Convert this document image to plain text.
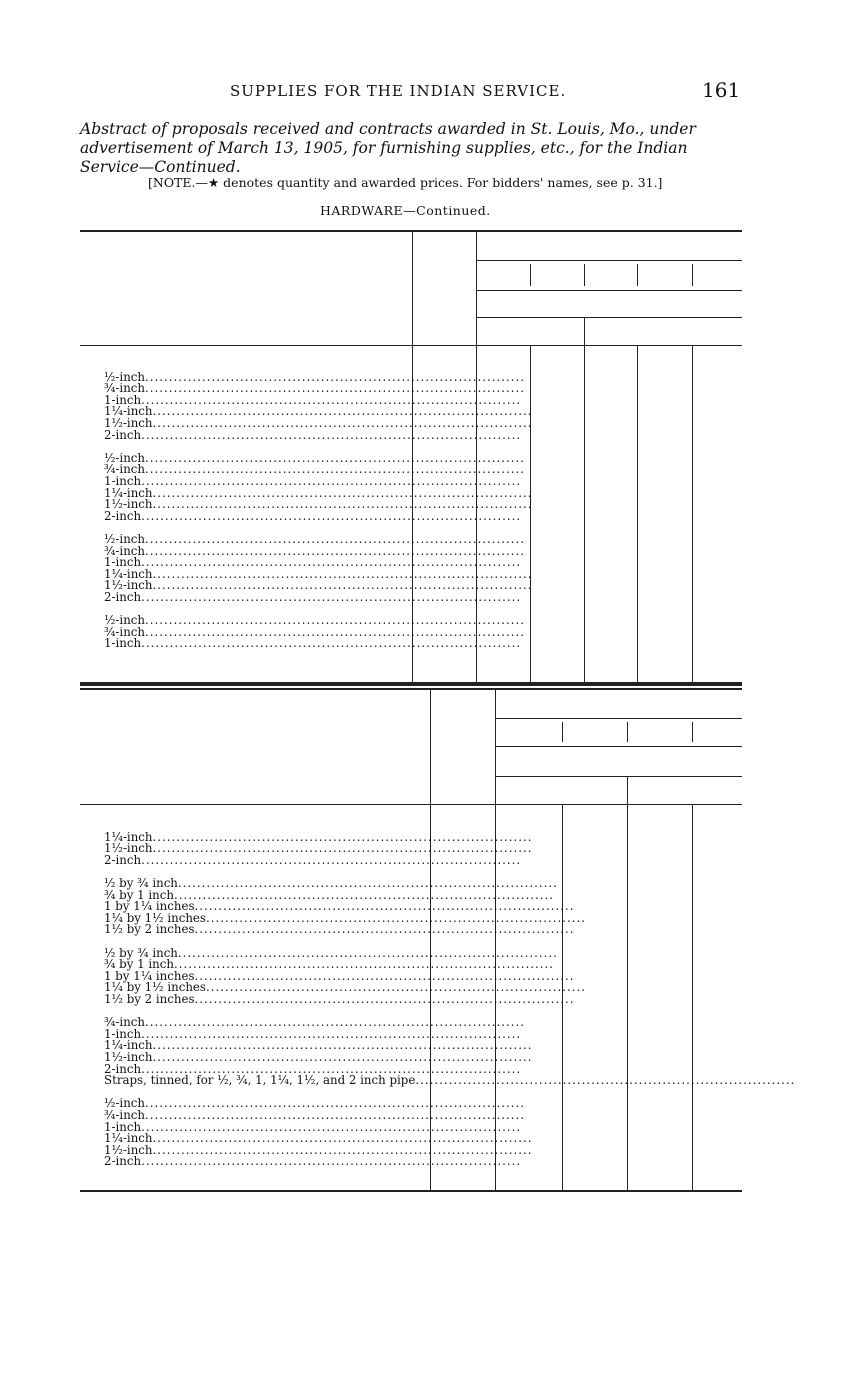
SUPPLIES FOR THE INDIAN SERVICE.	161
Abstract of proposals received and contracts awarded in St. Louis, Mo., under advertisement of March 13, 1905, for furnishing supplies, etc., for the Indian Service—Continued.
[NOTE.—★ denotes quantity and awarded prices. For bidders' names, see p. 31.]
HARDWARE—Continued.
½-inch................................................................................
¾-inch................................................................................
1-inch................................................................................
1¼-inch................................................................................
1½-inch................................................................................
2-inch................................................................................
½-inch................................................................................
¾-inch................................................................................
1-inch................................................................................
1¼-inch................................................................................
1½-inch................................................................................
2-inch................................................................................
½-inch................................................................................
¾-inch................................................................................
1-inch................................................................................
1¼-inch................................................................................
1½-inch................................................................................
2-inch................................................................................
½-inch................................................................................
¾-inch................................................................................
1-inch................................................................................
1¼-inch................................................................................
1½-inch................................................................................
2-inch................................................................................
½ by ¾ inch................................................................................
¾ by 1 inch................................................................................
1 by 1¼ inches................................................................................
1¼ by 1½ inches................................................................................
1½ by 2 inches................................................................................
½ by ¾ inch................................................................................
¾ by 1 inch................................................................................
1 by 1¼ inches................................................................................
1¼ by 1½ inches................................................................................
1½ by 2 inches................................................................................
¾-inch................................................................................
1-inch................................................................................
1¼-inch................................................................................
1½-inch................................................................................
2-inch................................................................................
Straps, tinned, for ½, ¾, 1, 1¼, 1½, and 2 inch pipe................................................................................
½-inch................................................................................
¾-inch................................................................................
1-inch................................................................................
1¼-inch................................................................................
1½-inch................................................................................
2-inch................................................................................
